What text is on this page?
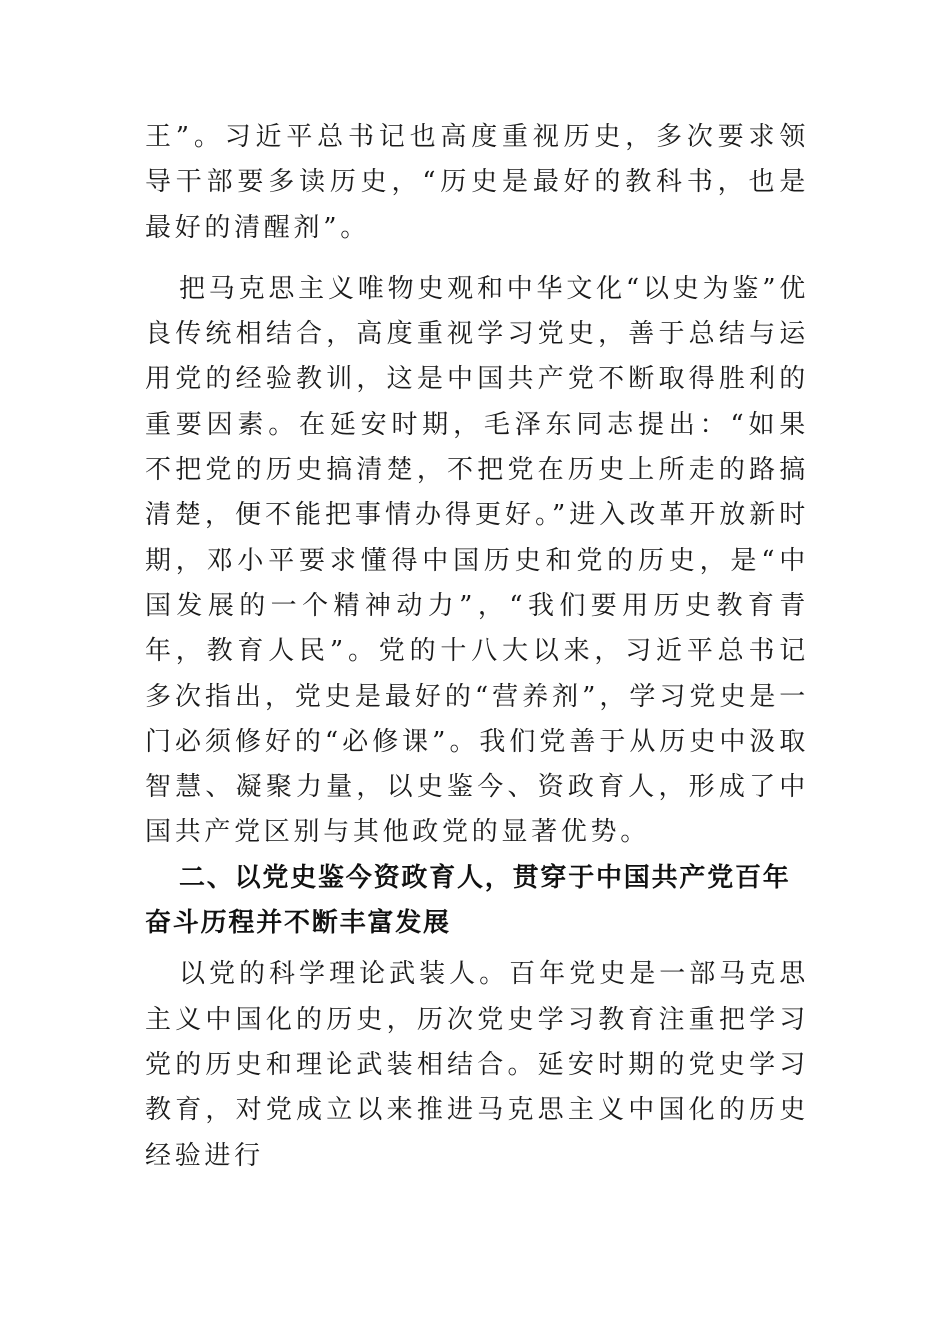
王”。习近平总书记也高度重视历史，多次要求领导干部要多读历史，“历史是最好的教科书，也是最好的清醒剂”。

把马克思主义唯物史观和中华文化“以史为鉴”优良传统相结合，高度重视学习党史，善于总结与运用党的经验教训，这是中国共产党不断取得胜利的重要因素。在延安时期，毛泽东同志提出：“如果不把党的历史搞清楚，不把党在历史上所走的路搞清楚，便不能把事情办得更好。”进入改革开放新时期，邓小平要求懂得中国历史和党的历史，是“中国发展的一个精神动力”，“我们要用历史教育青年，教育人民”。党的十八大以来，习近平总书记多次指出，党史是最好的“营养剂”，学习党史是一门必须修好的“必修课”。我们党善于从历史中汲取智慧、凝聚力量，以史鉴今、资政育人，形成了中国共产党区别与其他政党的显著优势。

二、以党史鉴今资政育人，贯穿于中国共产党百年奋斗历程并不断丰富发展

以党的科学理论武装人。百年党史是一部马克思主义中国化的历史，历次党史学习教育注重把学习党的历史和理论武装相结合。延安时期的党史学习教育，对党成立以来推进马克思主义中国化的历史经验进行
